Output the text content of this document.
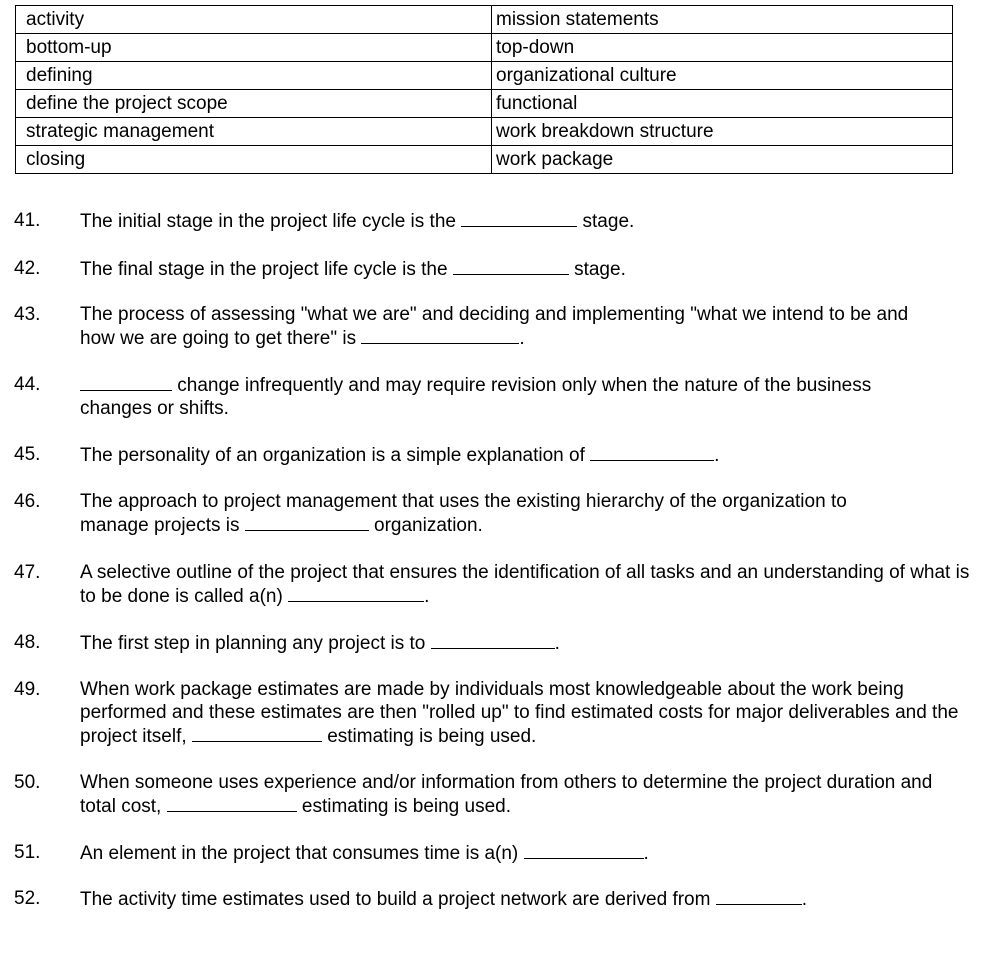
activity	mission statements
bottom-up	top-down
defining	organizational culture
define the project scope	functional
strategic management	work breakdown structure
closing	work package
41. The initial stage in the project life cycle is the	stage.
42. The final stage in the project life cycle is the	stage.
43. The process of assessing "what we are" and deciding and implementing "what we intend to be and how we are going to get there" is	.
44.	change infrequently and may require revision only when the nature of the business changes or shifts.
45. The personality of an organization is a simple explanation of	.
46. The approach to project management that uses the existing hierarchy of the organization to manage projects is	organization.
47. A selective outline of the project that ensures the identification of all tasks and an understanding of what is to be done is called a(n)	.
48. The first step in planning any project is to	.
49. When work package estimates are made by individuals most knowledgeable about the work being performed and these estimates are then "rolled up" to find estimated costs for major deliverables and the project itself,	estimating is being used.
50. When someone uses experience and/or information from others to determine the project duration and total cost,	estimating is being used.
51. An element in the project that consumes time is a(n)	.
52. The activity time estimates used to build a project network are derived from	.
